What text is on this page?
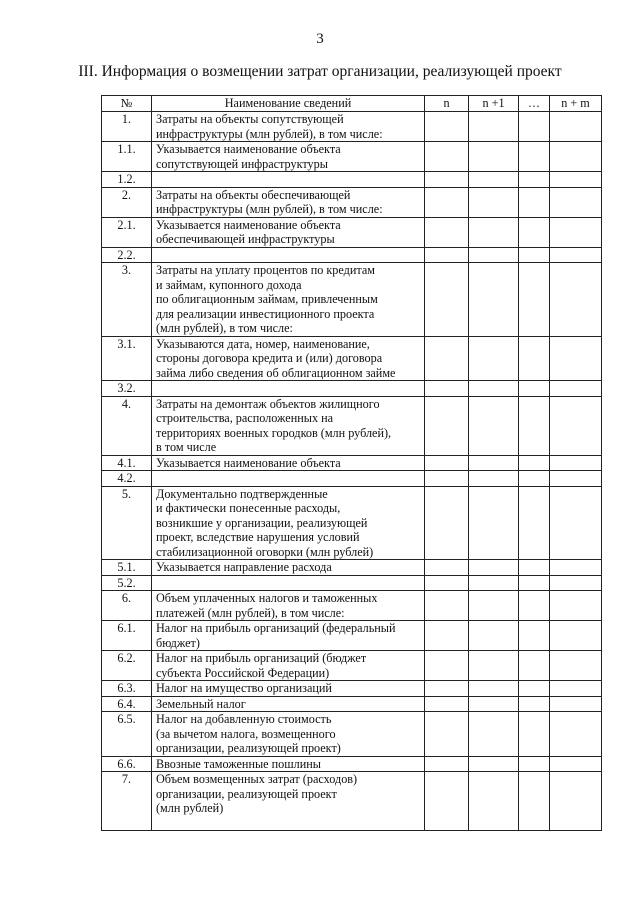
3
III. Информация о возмещении затрат организации, реализующей проект
№	Наименование сведений	n	n +1	…	n + m
1.	Затраты на объекты сопутствующей
инфраструктуры (млн рублей), в том числе:				

1.1.	Указывается наименование объекта
сопутствующей инфраструктуры				

1.2.	

2.	Затраты на объекты обеспечивающей
инфраструктуры (млн рублей), в том числе:				

2.1.	Указывается наименование объекта
обеспечивающей инфраструктуры				

2.2.	

3.	Затраты на уплату процентов по кредитам
и займам, купонного дохода
по облигационным займам, привлеченным
для реализации инвестиционного проекта
(млн рублей), в том числе:				

3.1.	Указываются дата, номер, наименование,
стороны договора кредита и (или) договора
займа либо сведения об облигационном займе				

3.2.	

4.	Затраты на демонтаж объектов жилищного
строительства, расположенных на
территориях военных городков (млн рублей),
в том числе				

4.1.	Указывается наименование объекта				

4.2.	

5.	Документально подтвержденные
и фактически понесенные расходы,
возникшие у организации, реализующей
проект, вследствие нарушения условий
стабилизационной оговорки (млн рублей)				

5.1.	Указывается направление расхода				

5.2.	

6.	Объем уплаченных налогов и таможенных
платежей (млн рублей), в том числе:				

6.1.	Налог на прибыль организаций (федеральный
бюджет)				

6.2.	Налог на прибыль организаций (бюджет
субъекта Российской Федерации)				

6.3.	Налог на имущество организаций				

6.4.	Земельный налог				

6.5.	Налог на добавленную стоимость
(за вычетом налога, возмещенного
организации, реализующей проект)				

6.6.	Ввозные таможенные пошлины				

7.	Объем возмещенных затрат (расходов)
организации, реализующей проект
(млн рублей)				
